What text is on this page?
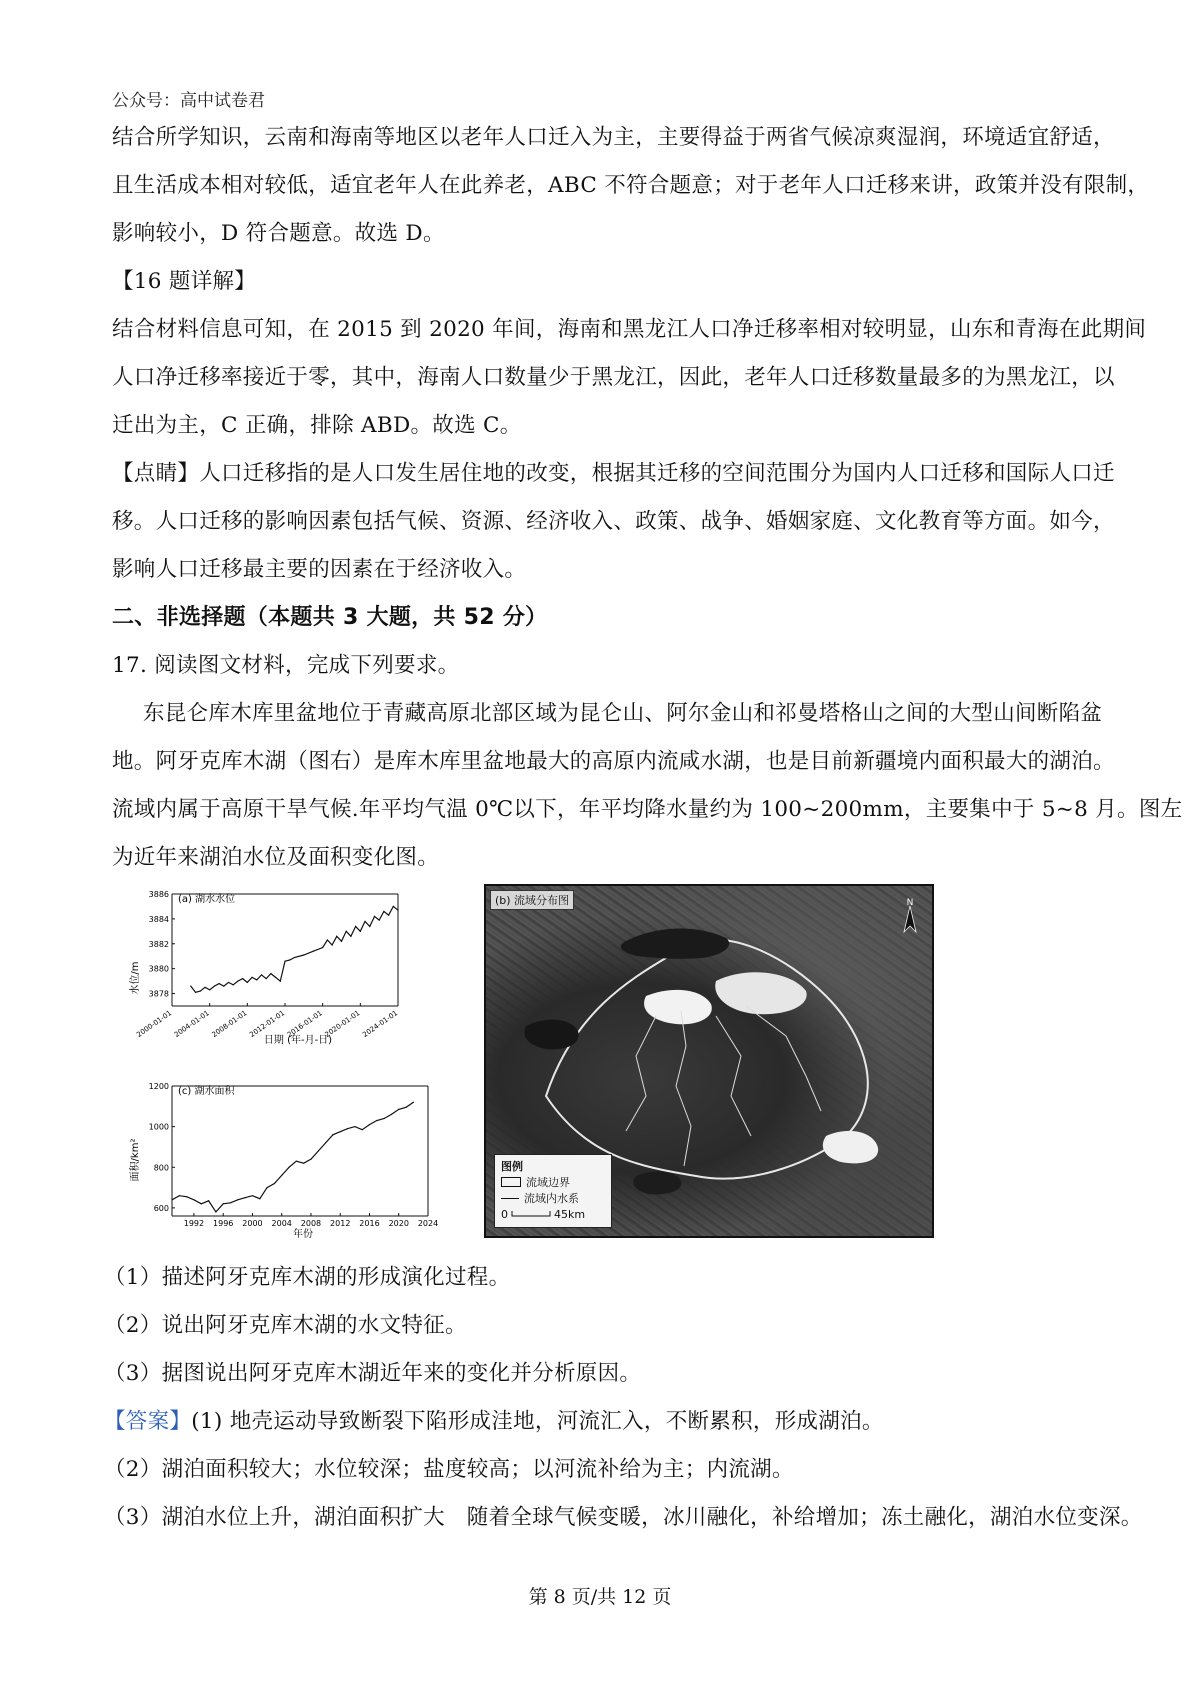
公众号：高中试卷君
结合所学知识，云南和海南等地区以老年人口迁入为主，主要得益于两省气候凉爽湿润，环境适宜舒适，
且生活成本相对较低，适宜老年人在此养老，ABC 不符合题意；对于老年人口迁移来讲，政策并没有限制，
影响较小，D 符合题意。故选 D。
【16 题详解】
结合材料信息可知，在 2015 到 2020 年间，海南和黑龙江人口净迁移率相对较明显，山东和青海在此期间
人口净迁移率接近于零，其中，海南人口数量少于黑龙江，因此，老年人口迁移数量最多的为黑龙江，以
迁出为主，C 正确，排除 ABD。故选 C。
【点睛】人口迁移指的是人口发生居住地的改变，根据其迁移的空间范围分为国内人口迁移和国际人口迁
移。人口迁移的影响因素包括气候、资源、经济收入、政策、战争、婚姻家庭、文化教育等方面。如今，
影响人口迁移最主要的因素在于经济收入。
二、非选择题（本题共 3 大题，共 52 分）
17. 阅读图文材料，完成下列要求。
东昆仑库木库里盆地位于青藏高原北部区域为昆仑山、阿尔金山和祁曼塔格山之间的大型山间断陷盆
地。阿牙克库木湖（图右）是库木库里盆地最大的高原内流咸水湖，也是目前新疆境内面积最大的湖泊。
流域内属于高原干旱气候.年平均气温 0℃以下，年平均降水量约为 100~200mm，主要集中于 5~8 月。图左
为近年来湖泊水位及面积变化图。
(a) 湖水水位
水位/m
日期 (年-月-日)
3878
3880
3882
3884
3886
2000-01-01 2004-01-01 2008-01-01 2012-01-01 2016-01-01 2020-01-01 2024-01-01
(c) 湖水面积
面积/km²
年份
600
800
1000
1200
1992 1996 2000 2004 2008 2012 2016 2020 2024
(b) 流域分布图	N
图例
流域边界
流域内水系
0	45km
（1）描述阿牙克库木湖的形成演化过程。
（2）说出阿牙克库木湖的水文特征。
（3）据图说出阿牙克库木湖近年来的变化并分析原因。
【答案】(1) 地壳运动导致断裂下陷形成洼地，河流汇入，不断累积，形成湖泊。
（2）湖泊面积较大；水位较深；盐度较高；以河流补给为主；内流湖。
（3）湖泊水位上升，湖泊面积扩大　随着全球气候变暖，冰川融化，补给增加；冻土融化，湖泊水位变深。
第 8 页/共 12 页
